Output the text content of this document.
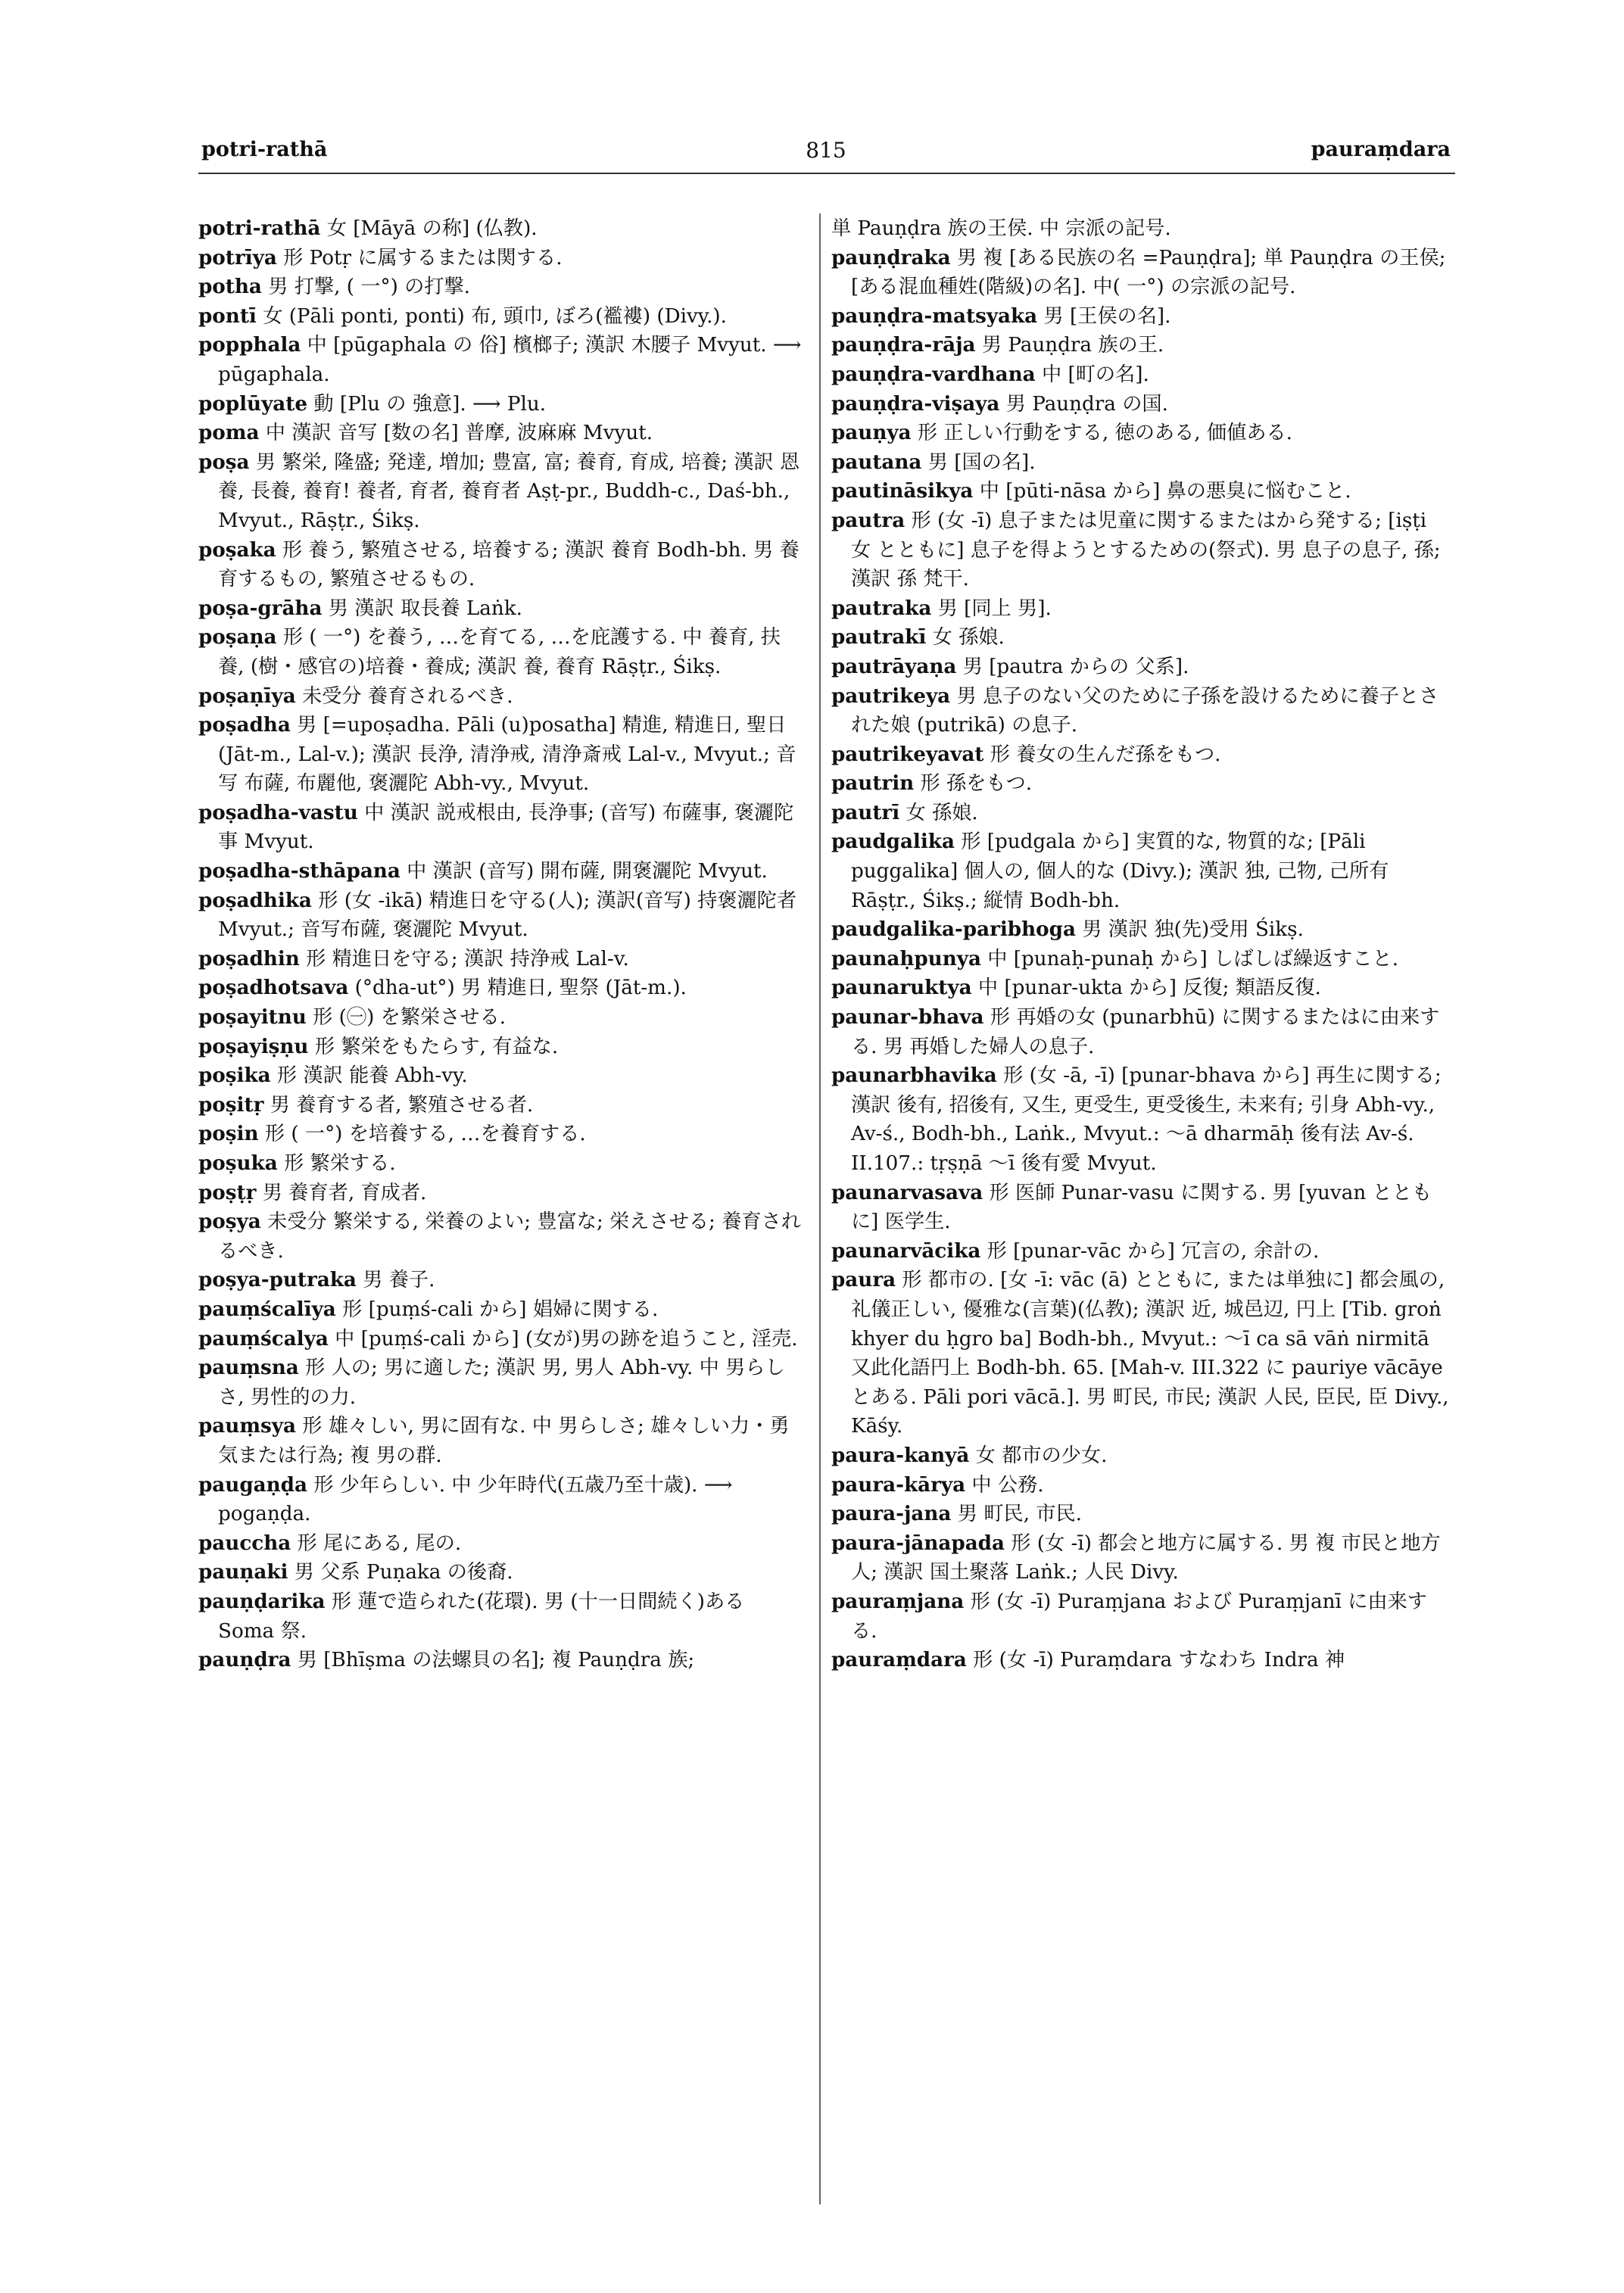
potri-rathā	815	pauraṃdara

potri-rathā 女 [Māyā の称] (仏教).

potrīya 形 Potṛ に属するまたは関する.

potha 男 打撃, ( 一°) の打撃.

pontī 女 (Pāli ponti, ponti) 布, 頭巾, ぼろ(襤褸) (Divy.).

popphala 中 [pūgaphala の 俗] 檳榔子; 漢訳 木腰子 Mvyut. ⟶ pūgaphala.

poplūyate 動 [Plu の 強意]. ⟶ Plu.

poma 中 漢訳 音写 [数の名] 普摩, 波麻麻 Mvyut.

poṣa 男 繁栄, 隆盛; 発達, 増加; 豊富, 富; 養育, 育成, 培養; 漢訳 恩養, 長養, 養育! 養者, 育者, 養育者 Aṣṭ-pr., Buddh-c., Daś-bh., Mvyut., Rāṣṭr., Śikṣ.

poṣaka 形 養う, 繁殖させる, 培養する; 漢訳 養育 Bodh-bh. 男 養育するもの, 繁殖させるもの.

poṣa-grāha 男 漢訳 取長養 Laṅk.

poṣaṇa 形 ( 一°) を養う, …を育てる, …を庇護する. 中 養育, 扶養, (樹・感官の)培養・養成; 漢訳 養, 養育 Rāṣṭr., Śikṣ.

poṣaṇīya 未受分 養育されるべき.

poṣadha 男 [=upoṣadha. Pāli (u)posatha] 精進, 精進日, 聖日 (Jāt-m., Lal-v.); 漢訳 長浄, 清浄戒, 清浄斎戒 Lal-v., Mvyut.; 音写 布薩, 布麗他, 褒灑陀 Abh-vy., Mvyut.

poṣadha-vastu 中 漢訳 説戒根由, 長浄事; (音写) 布薩事, 褒灑陀事 Mvyut.

poṣadha-sthāpana 中 漢訳 (音写) 開布薩, 開褒灑陀 Mvyut.

poṣadhika 形 (女 -ikā) 精進日を守る(人); 漢訳(音写) 持褒灑陀者 Mvyut.; 音写布薩, 褒灑陀 Mvyut.

poṣadhin 形 精進日を守る; 漢訳 持浄戒 Lal-v.

poṣadhotsava (°dha-ut°) 男 精進日, 聖祭 (Jāt-m.).

poṣayitnu 形 (㊀) を繁栄させる.

poṣayiṣṇu 形 繁栄をもたらす, 有益な.

poṣika 形 漢訳 能養 Abh-vy.

poṣitṛ 男 養育する者, 繁殖させる者.

poṣin 形 ( 一°) を培養する, …を養育する.

poṣuka 形 繁栄する.

poṣṭṛ 男 養育者, 育成者.

poṣya 未受分 繁栄する, 栄養のよい; 豊富な; 栄えさせる; 養育されるべき.

poṣya-putraka 男 養子.

pauṃścalīya 形 [puṃś-cali から] 娼婦に関する.

pauṃścalya 中 [puṃś-cali から] (女が)男の跡を追うこと, 淫売.

pauṃsna 形 人の; 男に適した; 漢訳 男, 男人 Abh-vy. 中 男らしさ, 男性的の力.

pauṃsya 形 雄々しい, 男に固有な. 中 男らしさ; 雄々しい力・勇気または行為; 複 男の群.

paugaṇḍa 形 少年らしい. 中 少年時代(五歳乃至十歳). ⟶ pogaṇḍa.

pauccha 形 尾にある, 尾の.

pauṇaki 男 父系 Puṇaka の後裔.

pauṇḍarika 形 蓮で造られた(花環). 男 (十一日間続く)ある Soma 祭.

pauṇḍra 男 [Bhīṣma の法螺貝の名]; 複 Pauṇḍra 族;

単 Pauṇḍra 族の王侯. 中 宗派の記号.

pauṇḍraka 男 複 [ある民族の名 =Pauṇḍra]; 単 Pauṇḍra の王侯; [ある混血種姓(階級)の名]. 中( 一°) の宗派の記号.

pauṇḍra-matsyaka 男 [王侯の名].

pauṇḍra-rāja 男 Pauṇḍra 族の王.

pauṇḍra-vardhana 中 [町の名].

pauṇḍra-viṣaya 男 Pauṇḍra の国.

pauṇya 形 正しい行動をする, 徳のある, 価値ある.

pautana 男 [国の名].

pautināsikya 中 [pūti-nāsa から] 鼻の悪臭に悩むこと.

pautra 形 (女 -ī) 息子または児童に関するまたはから発する; [iṣṭi 女 とともに] 息子を得ようとするための(祭式). 男 息子の息子, 孫; 漢訳 孫 梵干.

pautraka 男 [同上 男].

pautrakī 女 孫娘.

pautrāyaṇa 男 [pautra からの 父系].

pautrikeya 男 息子のない父のために子孫を設けるために養子とされた娘 (putrikā) の息子.

pautrikeyavat 形 養女の生んだ孫をもつ.

pautrin 形 孫をもつ.

pautrī 女 孫娘.

paudgalika 形 [pudgala から] 実質的な, 物質的な; [Pāli puggalika] 個人の, 個人的な (Divy.); 漢訳 独, 己物, 己所有 Rāṣṭr., Śikṣ.; 縦情 Bodh-bh.

paudgalika-paribhoga 男 漢訳 独(先)受用 Śikṣ.

paunaḥpunya 中 [punaḥ-punaḥ から] しばしば繰返すこと.

paunaruktya 中 [punar-ukta から] 反復; 類語反復.

paunar-bhava 形 再婚の女 (punarbhū) に関するまたはに由来する. 男 再婚した婦人の息子.

paunarbhavika 形 (女 -ā, -ī) [punar-bhava から] 再生に関する; 漢訳 後有, 招後有, 又生, 更受生, 更受後生, 未来有; 引身 Abh-vy., Av-ś., Bodh-bh., Laṅk., Mvyut.: ～ā dharmāḥ 後有法 Av-ś. II.107.: tṛṣṇā ～ī 後有愛 Mvyut.

paunarvasava 形 医師 Punar-vasu に関する. 男 [yuvan とともに] 医学生.

paunarvācika 形 [punar-vāc から] 冗言の, 余計の.

paura 形 都市の. [女 -ī: vāc (ā) とともに, または単独に] 都会風の, 礼儀正しい, 優雅な(言葉)(仏教); 漢訳 近, 城邑辺, 円上 [Tib. groṅ khyer du ḥgro ba] Bodh-bh., Mvyut.: ～ī ca sā vāṅ nirmitā 又此化語円上 Bodh-bh. 65. [Mah-v. III.322 に pauriye vācāye とある. Pāli pori vācā.]. 男 町民, 市民; 漢訳 人民, 臣民, 臣 Divy., Kāśy.

paura-kanyā 女 都市の少女.

paura-kārya 中 公務.

paura-jana 男 町民, 市民.

paura-jānapada 形 (女 -ī) 都会と地方に属する. 男 複 市民と地方人; 漢訳 国土聚落 Laṅk.; 人民 Divy.

pauraṃjana 形 (女 -ī) Puraṃjana および Puraṃjanī に由来する.

pauraṃdara 形 (女 -ī) Puraṃdara すなわち Indra 神
